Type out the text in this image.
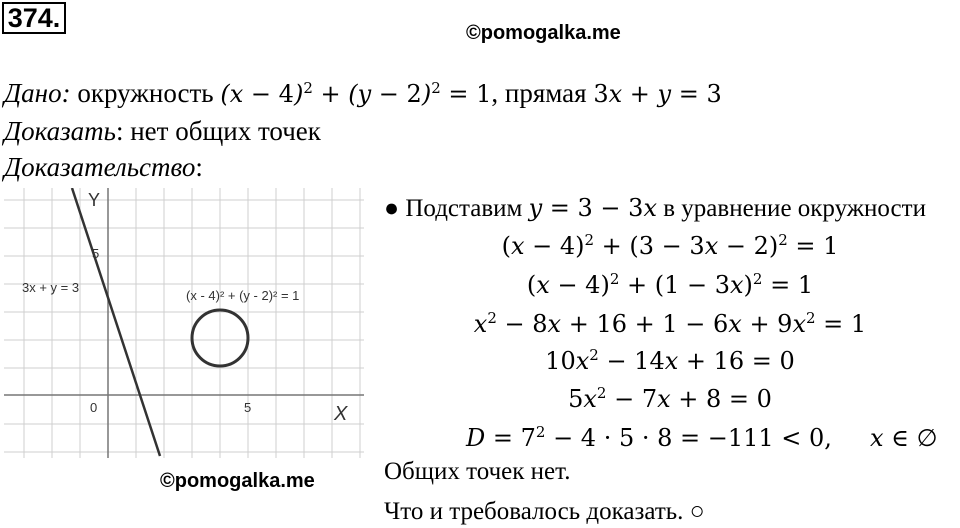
374.	©pomogalka.me
Дано: окружность $(x - 4)^2 + (y - 2)^2 = 1$, прямая 3x + y = 3
Доказать: нет общих точек
Доказательство:
Y
X
0	5
5
3x + y = 3
(x - 4)² + (y - 2)² = 1
©pomogalka.me
● Подставим y = 3 − 3x в уравнение окружности
$(x - 4)^2 + (3 - 3x - 2)^2 = 1$
$(x - 4)^2 + (1 - 3x)^2 = 1$
$x^2 - 8x + 16 + 1 - 6x + 9x^2 = 1$
$10x^2 - 14x + 16 = 0$
$5x^2 - 7x + 8 = 0$
$D = 7^2 - 4 \cdot 5 \cdot 8 = -111 < 0$, x ∈ ∅
Общих точек нет.
Что и требовалось доказать. ○
